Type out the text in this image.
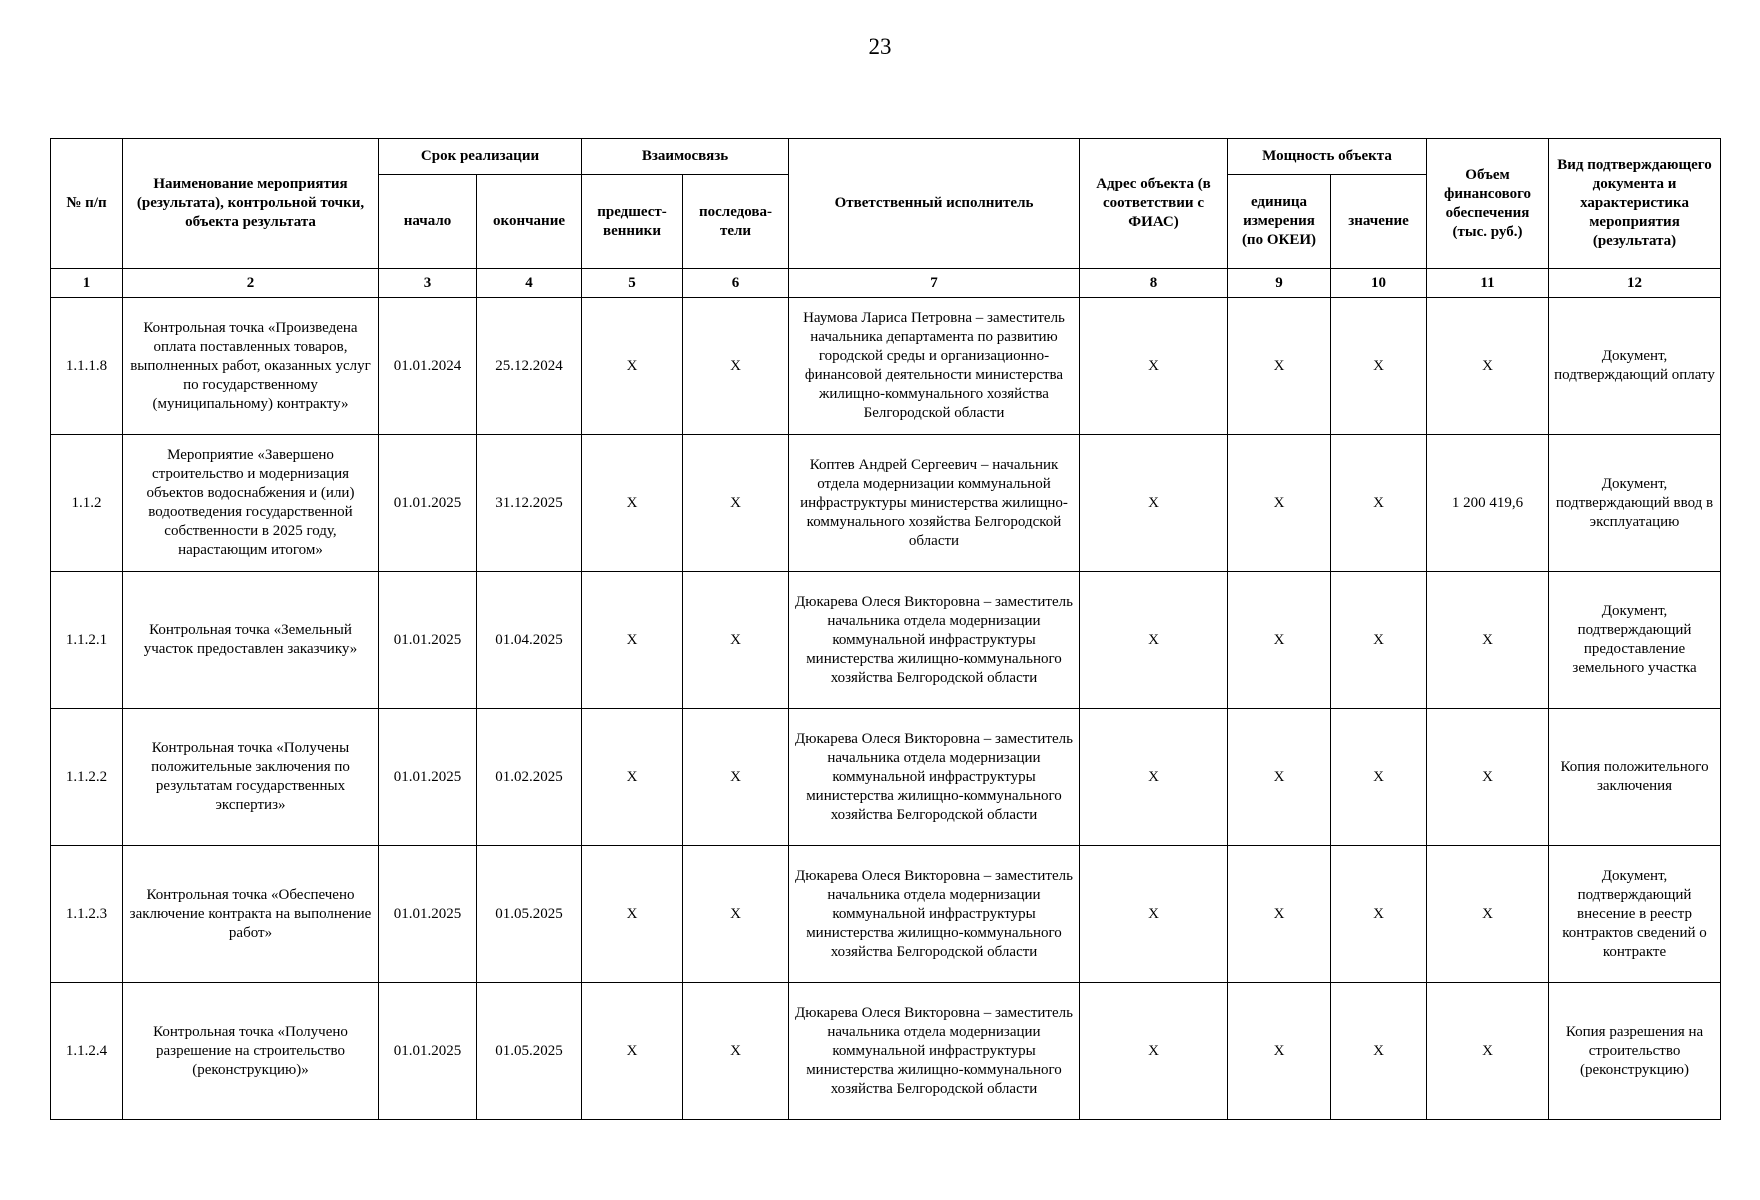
23
№ п/п	Наименование мероприятия (результата), контрольной точки, объекта результата	Срок реализации		Взаимосвязь		Ответственный исполнитель	Адрес объекта (в соответствии с ФИАС)	Мощность объекта		Объем финансового обеспечения (тыс. руб.)	Вид подтверждающего документа и характеристика мероприятия (результата)
		начало	окончание	предшест-венники	последова-тели			единица измерения (по ОКЕИ)	значение		
1	2	3	4	5	6	7	8	9	10	11	12
1.1.1.8	Контрольная точка «Произведена оплата поставленных товаров, выполненных работ, оказанных услуг по государственному (муниципальному) контракту»	01.01.2024	25.12.2024	X	X	Наумова Лариса Петровна – заместитель начальника департамента по развитию городской среды и организационно-финансовой деятельности министерства жилищно-коммунального хозяйства Белгородской области	X	X	X	X	Документ, подтверждающий оплату
1.1.2	Мероприятие «Завершено строительство и модернизация объектов водоснабжения и (или) водоотведения государственной собственности в 2025 году, нарастающим итогом»	01.01.2025	31.12.2025	X	X	Коптев Андрей Сергеевич – начальник отдела модернизации коммунальной инфраструктуры министерства жилищно-коммунального хозяйства Белгородской области	X	X	X	1 200 419,6	Документ, подтверждающий ввод в эксплуатацию
1.1.2.1	Контрольная точка «Земельный участок предоставлен заказчику»	01.01.2025	01.04.2025	X	X	Дюкарева Олеся Викторовна – заместитель начальника отдела модернизации коммунальной инфраструктуры министерства жилищно-коммунального хозяйства Белгородской области	X	X	X	X	Документ, подтверждающий предоставление земельного участка
1.1.2.2	Контрольная точка «Получены положительные заключения по результатам государственных экспертиз»	01.01.2025	01.02.2025	X	X	Дюкарева Олеся Викторовна – заместитель начальника отдела модернизации коммунальной инфраструктуры министерства жилищно-коммунального хозяйства Белгородской области	X	X	X	X	Копия положительного заключения
1.1.2.3	Контрольная точка «Обеспечено заключение контракта на выполнение работ»	01.01.2025	01.05.2025	X	X	Дюкарева Олеся Викторовна – заместитель начальника отдела модернизации коммунальной инфраструктуры министерства жилищно-коммунального хозяйства Белгородской области	X	X	X	X	Документ, подтверждающий внесение в реестр контрактов сведений о контракте
1.1.2.4	Контрольная точка «Получено разрешение на строительство (реконструкцию)»	01.01.2025	01.05.2025	X	X	Дюкарева Олеся Викторовна – заместитель начальника отдела модернизации коммунальной инфраструктуры министерства жилищно-коммунального хозяйства Белгородской области	X	X	X	X	Копия разрешения на строительство (реконструкцию)
